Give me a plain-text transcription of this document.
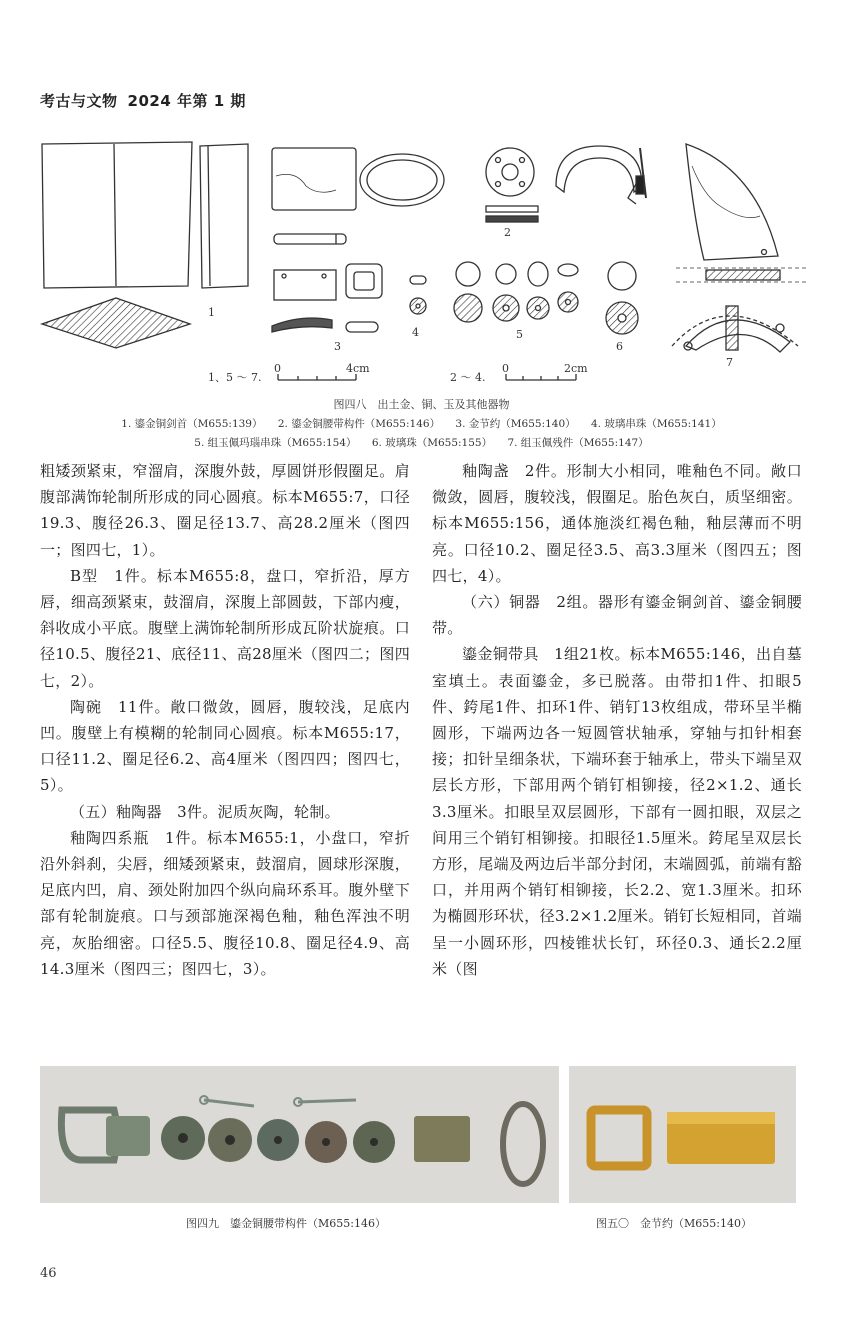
考古与文物 2024 年第 1 期
1
2
3
4	5
6
7
1、5 ～ 7.
0	4cm
2 ～ 4.
0	2cm
图四八　出土金、铜、玉及其他器物
1. 鎏金铜剑首（M655:139） 2. 鎏金铜腰带构件（M655:146） 3. 金节约（M655:140） 4. 玻璃串珠（M655:141）
5. 组玉佩玛瑙串珠（M655:154） 6. 玻璃珠（M655:155） 7. 组玉佩残件（M655:147）

粗矮颈紧束，窄溜肩，深腹外鼓，厚圆饼形假圈足。肩腹部满饰轮制所形成的同心圆痕。标本M655:7，口径19.3、腹径26.3、圈足径13.7、高28.2厘米（图四一；图四七，1）。

B型　1件。标本M655:8，盘口，窄折沿，厚方唇，细高颈紧束，鼓溜肩，深腹上部圆鼓，下部内瘦，斜收成小平底。腹壁上满饰轮制所形成瓦阶状旋痕。口径10.5、腹径21、底径11、高28厘米（图四二；图四七，2）。

陶碗　11件。敞口微敛，圆唇，腹较浅，足底内凹。腹壁上有模糊的轮制同心圆痕。标本M655:17，口径11.2、圈足径6.2、高4厘米（图四四；图四七，5）。

（五）釉陶器　3件。泥质灰陶，轮制。

釉陶四系瓶　1件。标本M655:1，小盘口，窄折沿外斜刹，尖唇，细矮颈紧束，鼓溜肩，圆球形深腹，足底内凹，肩、颈处附加四个纵向扁环系耳。腹外壁下部有轮制旋痕。口与颈部施深褐色釉，釉色浑浊不明亮，灰胎细密。口径5.5、腹径10.8、圈足径4.9、高14.3厘米（图四三；图四七，3）。

釉陶盏　2件。形制大小相同，唯釉色不同。敞口微敛，圆唇，腹较浅，假圈足。胎色灰白，质坚细密。标本M655:156，通体施淡红褐色釉，釉层薄而不明亮。口径10.2、圈足径3.5、高3.3厘米（图四五；图四七，4）。

（六）铜器　2组。器形有鎏金铜剑首、鎏金铜腰带。

鎏金铜带具　1组21枚。标本M655:146，出自墓室填土。表面鎏金，多已脱落。由带扣1件、扣眼5件、銙尾1件、扣环1件、销钉13枚组成，带环呈半椭圆形，下端两边各一短圆管状轴承，穿轴与扣针相套接；扣针呈细条状，下端环套于轴承上，带头下端呈双层长方形，下部用两个销钉相铆接，径2×1.2、通长3.3厘米。扣眼呈双层圆形，下部有一圆扣眼，双层之间用三个销钉相铆接。扣眼径1.5厘米。銙尾呈双层长方形，尾端及两边后半部分封闭，末端圆弧，前端有豁口，并用两个销钉相铆接，长2.2、宽1.3厘米。扣环为椭圆形环状，径3.2×1.2厘米。销钉长短相同，首端呈一小圆环形，四棱锥状长钉，环径0.3、通长2.2厘米（图

图四九　鎏金铜腰带构件（M655:146）	图五〇　金节约（M655:140）
46
